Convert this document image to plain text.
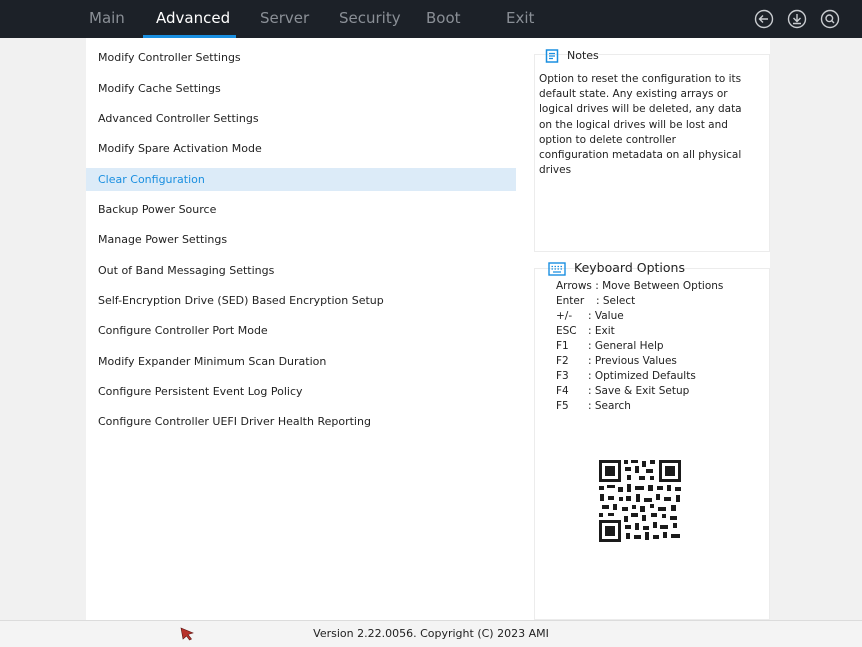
Main Advanced Server Security Boot	Exit
Modify Controller Settings
Modify Cache Settings
Advanced Controller Settings
Modify Spare Activation Mode
Clear Configuration
Backup Power Source
Manage Power Settings
Out of Band Messaging Settings
Self-Encryption Drive (SED) Based Encryption Setup
Configure Controller Port Mode
Modify Expander Minimum Scan Duration
Configure Persistent Event Log Policy
Configure Controller UEFI Driver Health Reporting
Notes
Option to reset the configuration to its
default state. Any existing arrays or
logical drives will be deleted, any data
on the logical drives will be lost and
option to delete controller
configuration metadata on all physical
drives
Keyboard Options
Arrows : Move Between Options
Enter : Select
+/- : Value
ESC : Exit
F1 : General Help
F2 : Previous Values
F3 : Optimized Defaults
F4 : Save & Exit Setup
F5 : Search
Version 2.22.0056. Copyright (C) 2023 AMI
